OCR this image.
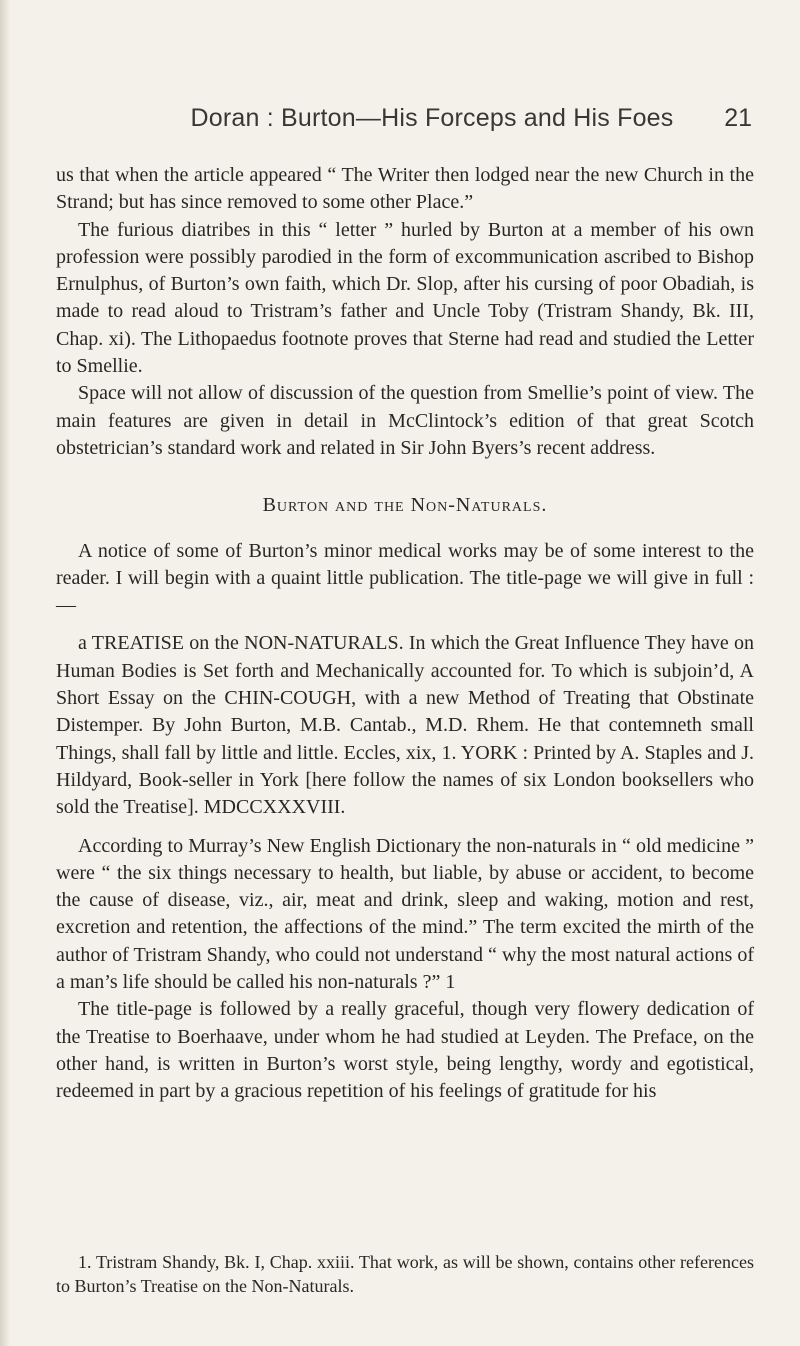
Doran : Burton—His Forceps and His Foes	21

us that when the article appeared “ The Writer then lodged near the new Church in the Strand; but has since removed to some other Place.”

The furious diatribes in this “ letter ” hurled by Burton at a member of his own profession were possibly parodied in the form of excommunication ascribed to Bishop Ernulphus, of Burton’s own faith, which Dr. Slop, after his cursing of poor Obadiah, is made to read aloud to Tristram’s father and Uncle Toby (Tristram Shandy, Bk. III, Chap. xi). The Lithopaedus footnote proves that Sterne had read and studied the Letter to Smellie.

Space will not allow of discussion of the question from Smellie’s point of view. The main features are given in detail in McClintock’s edition of that great Scotch obstetrician’s standard work and related in Sir John Byers’s recent address.

Burton and the Non-Naturals.

A notice of some of Burton’s minor medical works may be of some interest to the reader. I will begin with a quaint little publication. The title-page we will give in full : —

a TREATISE on the NON-NATURALS. In which the Great Influence They have on Human Bodies is Set forth and Mechanically accounted for. To which is subjoin’d, A Short Essay on the CHIN-COUGH, with a new Method of Treating that Obstinate Distemper. By John Burton, M.B. Cantab., M.D. Rhem. He that contemneth small Things, shall fall by little and little. Eccles, xix, 1. YORK : Printed by A. Staples and J. Hildyard, Book-seller in York [here follow the names of six London booksellers who sold the Treatise]. MDCCXXXVIII.

According to Murray’s New English Dictionary the non-naturals in “ old medicine ” were “ the six things necessary to health, but liable, by abuse or accident, to become the cause of disease, viz., air, meat and drink, sleep and waking, motion and rest, excretion and retention, the affections of the mind.” The term excited the mirth of the author of Tristram Shandy, who could not understand “ why the most natural actions of a man’s life should be called his non-naturals ?” 1

The title-page is followed by a really graceful, though very flowery dedication of the Treatise to Boerhaave, under whom he had studied at Leyden. The Preface, on the other hand, is written in Burton’s worst style, being lengthy, wordy and egotistical, redeemed in part by a gracious repetition of his feelings of gratitude for his

1. Tristram Shandy, Bk. I, Chap. xxiii. That work, as will be shown, contains other references to Burton’s Treatise on the Non-Naturals.
